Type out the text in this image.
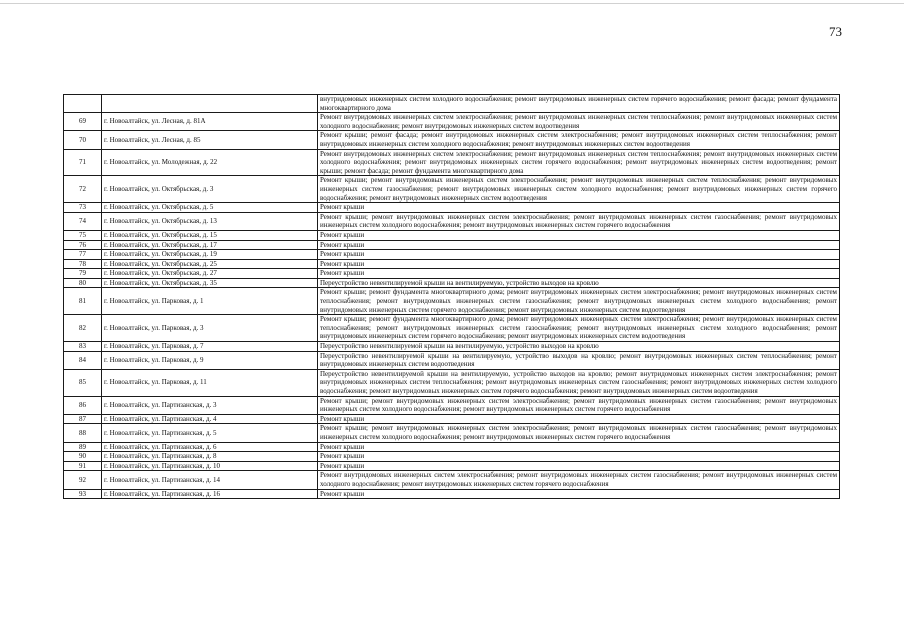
73
		внутридомовых инженерных систем холодного водоснабжения; ремонт внутридомовых инженерных систем горячего водоснабжения; ремонт фасада; ремонт фундамента многоквартирного дома
69	г. Новоалтайск, ул. Лесная, д. 81А	Ремонт внутридомовых инженерных систем электроснабжения; ремонт внутридомовых инженерных систем теплоснабжения; ремонт внутридомовых инженерных систем холодного водоснабжения; ремонт внутридомовых инженерных систем водоотведения
70	г. Новоалтайск, ул. Лесная, д. 85	Ремонт крыши; ремонт фасада; ремонт внутридомовых инженерных систем электроснабжения; ремонт внутридомовых инженерных систем теплоснабжения; ремонт внутридомовых инженерных систем холодного водоснабжения; ремонт внутридомовых инженерных систем водоотведения
71	г. Новоалтайск, ул. Молодежная, д. 22	Ремонт внутридомовых инженерных систем электроснабжения; ремонт внутридомовых инженерных систем теплоснабжения; ремонт внутридомовых инженерных систем холодного водоснабжения; ремонт внутридомовых инженерных систем горячего водоснабжения; ремонт внутридомовых инженерных систем водоотведения; ремонт крыши; ремонт фасада; ремонт фундамента многоквартирного дома
72	г. Новоалтайск, ул. Октябрьская, д. 3	Ремонт крыши; ремонт внутридомовых инженерных систем электроснабжения; ремонт внутридомовых инженерных систем теплоснабжения; ремонт внутридомовых инженерных систем газоснабжения; ремонт внутридомовых инженерных систем холодного водоснабжения; ремонт внутридомовых инженерных систем горячего водоснабжения; ремонт внутридомовых инженерных систем водоотведения
73	г. Новоалтайск, ул. Октябрьская, д. 5	Ремонт крыши
74	г. Новоалтайск, ул. Октябрьская, д. 13	Ремонт крыши; ремонт внутридомовых инженерных систем электроснабжения; ремонт внутридомовых инженерных систем газоснабжения; ремонт внутридомовых инженерных систем холодного водоснабжения; ремонт внутридомовых инженерных систем горячего водоснабжения
75	г. Новоалтайск, ул. Октябрьская, д. 15	Ремонт крыши
76	г. Новоалтайск, ул. Октябрьская, д. 17	Ремонт крыши
77	г. Новоалтайск, ул. Октябрьская, д. 19	Ремонт крыши
78	г. Новоалтайск, ул. Октябрьская, д. 25	Ремонт крыши
79	г. Новоалтайск, ул. Октябрьская, д. 27	Ремонт крыши
80	г. Новоалтайск, ул. Октябрьская, д. 35	Переустройство невентилируемой крыши на вентилируемую, устройство выходов на кровлю
81	г. Новоалтайск, ул. Парковая, д. 1	Ремонт крыши; ремонт фундамента многоквартирного дома; ремонт внутридомовых инженерных систем электроснабжения; ремонт внутридомовых инженерных систем теплоснабжения; ремонт внутридомовых инженерных систем газоснабжения; ремонт внутридомовых инженерных систем холодного водоснабжения; ремонт внутридомовых инженерных систем горячего водоснабжения; ремонт внутридомовых инженерных систем водоотведения
82	г. Новоалтайск, ул. Парковая, д. 3	Ремонт крыши; ремонт фундамента многоквартирного дома; ремонт внутридомовых инженерных систем электроснабжения; ремонт внутридомовых инженерных систем теплоснабжения; ремонт внутридомовых инженерных систем газоснабжения; ремонт внутридомовых инженерных систем холодного водоснабжения; ремонт внутридомовых инженерных систем горячего водоснабжения; ремонт внутридомовых инженерных систем водоотведения
83	г. Новоалтайск, ул. Парковая, д. 7	Переустройство невентилируемой крыши на вентилируемую, устройство выходов на кровлю
84	г. Новоалтайск, ул. Парковая, д. 9	Переустройство невентилируемой крыши на вентилируемую, устройство выходов на кровлю; ремонт внутридомовых инженерных систем теплоснабжения; ремонт внутридомовых инженерных систем водоотведения
85	г. Новоалтайск, ул. Парковая, д. 11	Переустройство невентилируемой крыши на вентилируемую, устройство выходов на кровлю; ремонт внутридомовых инженерных систем электроснабжения; ремонт внутридомовых инженерных систем теплоснабжения; ремонт внутридомовых инженерных систем газоснабжения; ремонт внутридомовых инженерных систем холодного водоснабжения; ремонт внутридомовых инженерных систем горячего водоснабжения; ремонт внутридомовых инженерных систем водоотведения
86	г. Новоалтайск, ул. Партизанская, д. 3	Ремонт крыши; ремонт внутридомовых инженерных систем электроснабжения; ремонт внутридомовых инженерных систем газоснабжения; ремонт внутридомовых инженерных систем холодного водоснабжения; ремонт внутридомовых инженерных систем горячего водоснабжения
87	г. Новоалтайск, ул. Партизанская, д. 4	Ремонт крыши
88	г. Новоалтайск, ул. Партизанская, д. 5	Ремонт крыши; ремонт внутридомовых инженерных систем электроснабжения; ремонт внутридомовых инженерных систем газоснабжения; ремонт внутридомовых инженерных систем холодного водоснабжения; ремонт внутридомовых инженерных систем горячего водоснабжения
89	г. Новоалтайск, ул. Партизанская, д. 6	Ремонт крыши
90	г. Новоалтайск, ул. Партизанская, д. 8	Ремонт крыши
91	г. Новоалтайск, ул. Партизанская, д. 10	Ремонт крыши
92	г. Новоалтайск, ул. Партизанская, д. 14	Ремонт внутридомовых инженерных систем электроснабжения; ремонт внутридомовых инженерных систем газоснабжения; ремонт внутридомовых инженерных систем холодного водоснабжения; ремонт внутридомовых инженерных систем горячего водоснабжения
93	г. Новоалтайск, ул. Партизанская, д. 16	Ремонт крыши
